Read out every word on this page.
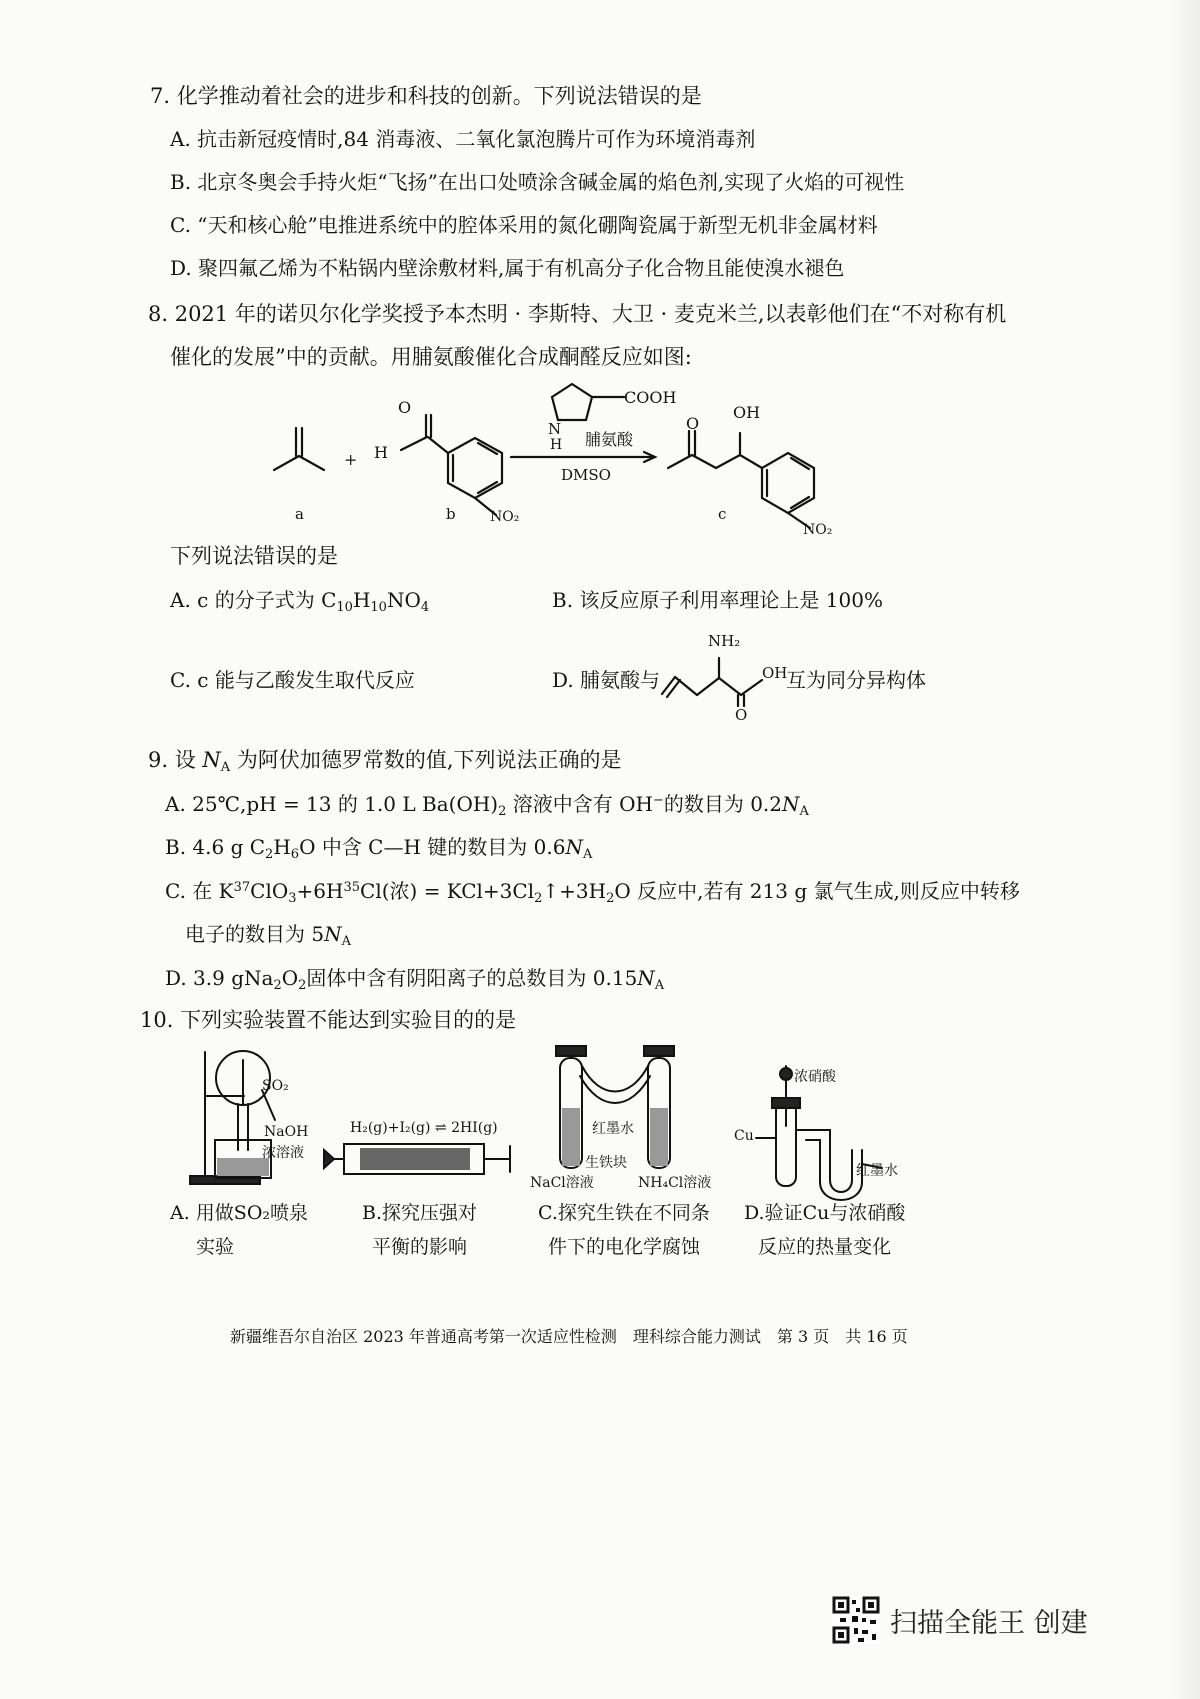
7. 化学推动着社会的进步和科技的创新。下列说法错误的是
A. 抗击新冠疫情时,84 消毒液、二氧化氯泡腾片可作为环境消毒剂
B. 北京冬奥会手持火炬“飞扬”在出口处喷涂含碱金属的焰色剂,实现了火焰的可视性
C. “天和核心舱”电推进系统中的腔体采用的氮化硼陶瓷属于新型无机非金属材料
D. 聚四氟乙烯为不粘锅内壁涂敷材料,属于有机高分子化合物且能使溴水褪色
8. 2021 年的诺贝尔化学奖授予本杰明 · 李斯特、大卫 · 麦克米兰,以表彰他们在“不对称有机
催化的发展”中的贡献。用脯氨酸催化合成酮醛反应如图:
O
H
+
NO₂
a	b	c
N
H
COOH
脯氨酸
DMSO
O
OH
NO₂
下列说法错误的是
A. c 的分子式为 $C_{10}H_{10}NO_4$	B. 该反应原子利用率理论上是 100%
C. c 能与乙酸发生取代反应	D. 脯氨酸与
NH₂
OH
O
互为同分异构体
9. 设 $N_A$ 为阿伏加德罗常数的值,下列说法正确的是
A. 25℃,pH = 13 的 1.0 L $Ba(OH)_2$ 溶液中含有 OH−的数目为 $0.2N_A$
B. 4.6 g $C_2H_6O$ 中含 C—H 键的数目为 $0.6N_A$
C. 在 $K^{37}ClO_3+6H^{35}Cl$(浓) = $KCl+3Cl_2↑+3H_2O$ 反应中,若有 213 g 氯气生成,则反应中转移
电子的数目为 $5N_A$
D. 3.9 $gNa_2O_2$固体中含有阴阳离子的总数目为 $0.15N_A$
10. 下列实验装置不能达到实验目的的是
SO₂
NaOH
浓溶液
H₂(g)+I₂(g) ⇌ 2HI(g)	红墨水
生铁块
NaCl溶液	NH₄Cl溶液
浓硝酸
Cu
红墨水
A. 用做SO₂喷泉
实验
B.探究压强对
平衡的影响
C.探究生铁在不同条
件下的电化学腐蚀
D.验证Cu与浓硝酸
反应的热量变化
新疆维吾尔自治区 2023 年普通高考第一次适应性检测　理科综合能力测试　第 3 页　共 16 页
扫描全能王 创建
